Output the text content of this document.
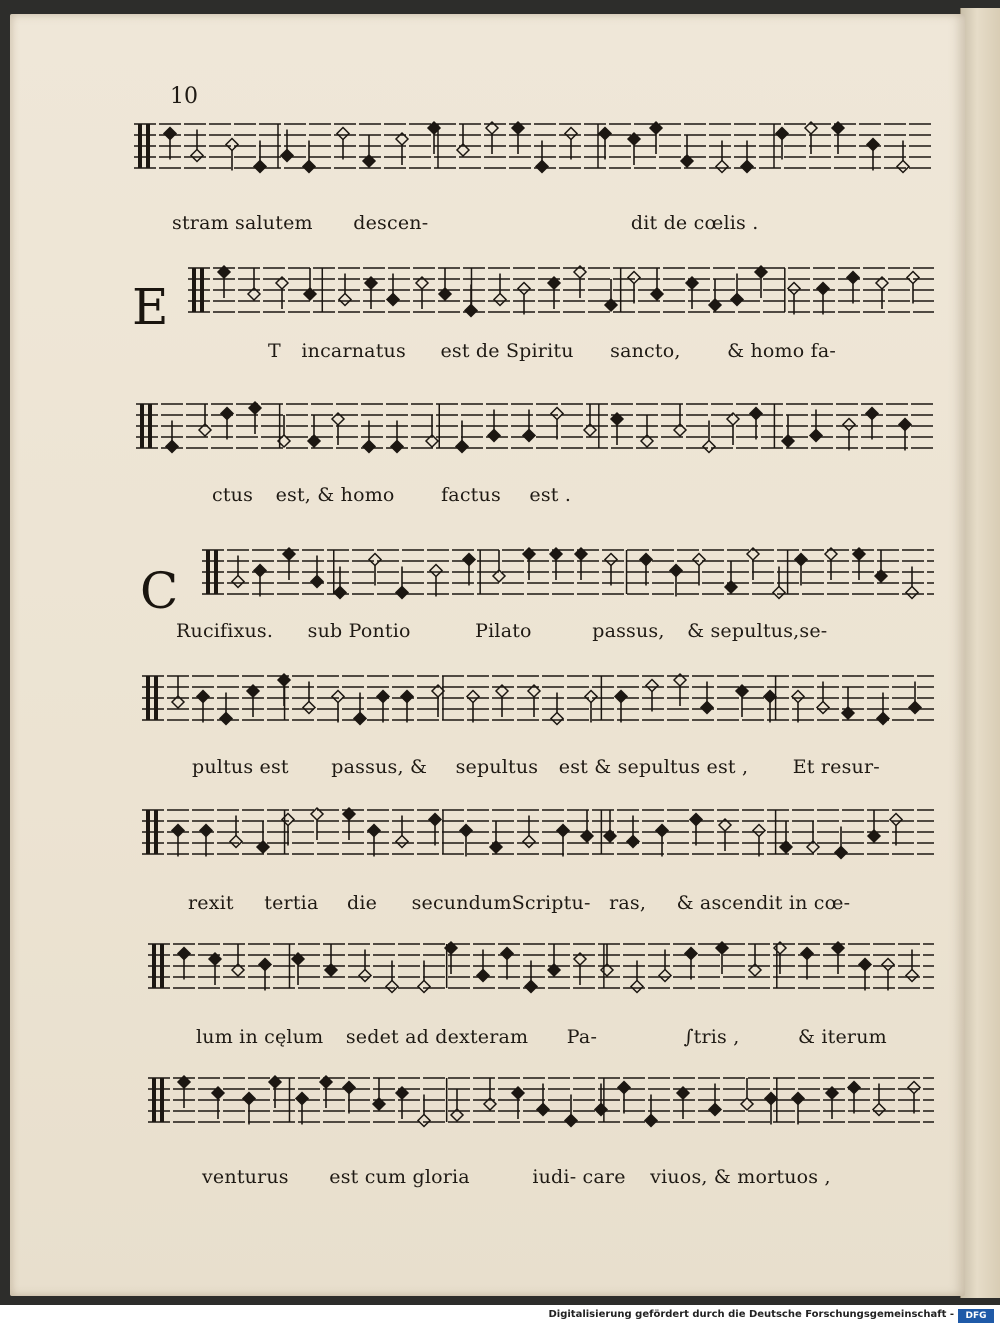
10
stram salutem descen-	dit de cœlis .
E
T incarnatus est de Spiritu sancto, & homo fa-
ctus est, & homo factus est .
C
Rucifixus. sub Pontio	Pilato	passus, & sepultus,se-
pultus est passus, & sepultus est & sepultus est , Et resur-
rexit tertia die secundumScriptu- ras, & ascendit in cœ-
lum in cęlum sedet ad dexteram Pa-	∫tris ,	& iterum
venturus est cum gloria	iudi- care viuos, & mortuos ,
Digitalisierung gefördert durch die Deutsche Forschungsgemeinschaft -	DFG
